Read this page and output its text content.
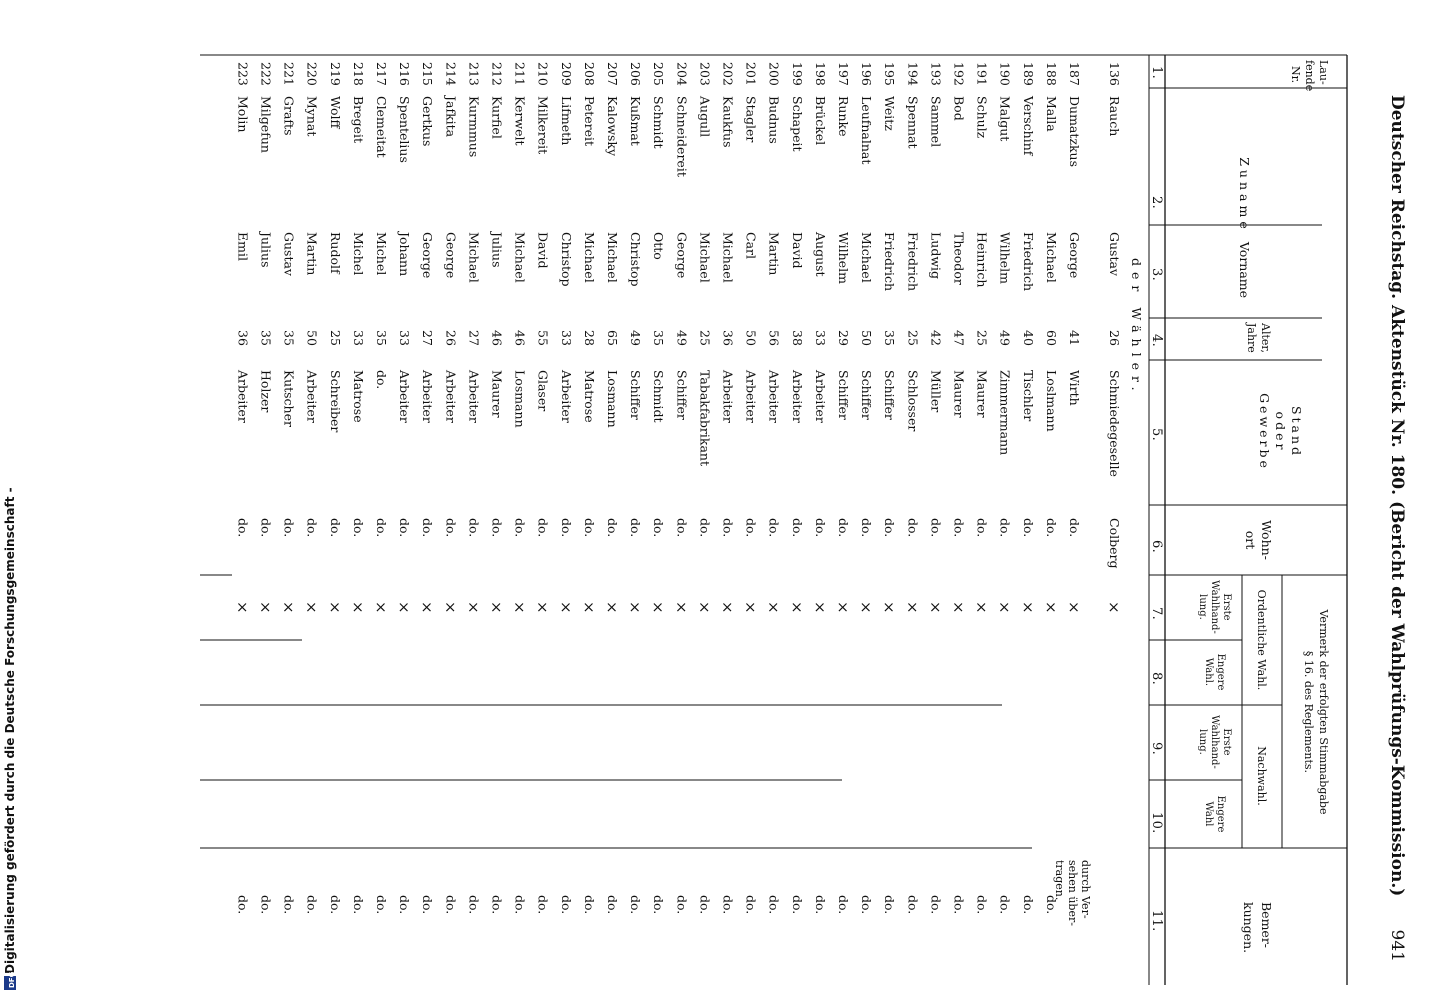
Deutscher Reichstag. Aktenstück Nr. 180. (Bericht der Wahlprüfungs-Kommission.)
941
Lau-fendeNr.
Zuname
Vorname
Alter,Jahre
StandoderGewerbe
Wohn-ort
Vermerk der erfolgten Stimmabgabe§ 16. des Reglements.
Ordentliche Wahl.
Nachwahl.
ErsteWahlhand-lung.
EngereWahl.
ErsteWahlhand-lung.
EngereWahl
Bemer-kungen.
1.
2.
3.
4.
5.
6.
7.
8.
9.
10.
11.
der Wähler.
136
Rauch
Gustav
26
Schmiedegeselle
Colberg
×
187
Dumatzkus
George
41
Wirth
do.
×
durch Ver-sehen über-tragen.
188
Malla
Michael
60
Loslmann
do.
×
do.
189
Verschinf
Friedrich
40
Tischler
do.
×
do.
190
Malgut
Wilhelm
49
Zimmermann
do.
×
do.
191
Schulz
Heinrich
25
Maurer
do.
×
do.
192
Bod
Theodor
47
Maurer
do.
×
do.
193
Sammel
Ludwig
42
Müller
do.
×
do.
194
Spennat
Friedrich
25
Schlosser
do.
×
do.
195
Weitz
Friedrich
35
Schiffer
do.
×
do.
196
Leufnalnat
Michael
50
Schiffer
do.
×
do.
197
Runke
Wilhelm
29
Schiffer
do.
×
do.
198
Brückel
August
33
Arbeiter
do.
×
do.
199
Schapeit
David
38
Arbeiter
do.
×
do.
200
Budnus
Martin
56
Arbeiter
do.
×
do.
201
Stagler
Carl
50
Arbeiter
do.
×
do.
202
Kaukfus
Michael
36
Arbeiter
do.
×
do.
203
Augull
Michael
25
Tabakfabrikant
do.
×
do.
204
Schneidereit
George
49
Schiffer
do.
×
do.
205
Schmidt
Otto
35
Schmidt
do.
×
do.
206
Kußmat
Christop
49
Schiffer
do.
×
do.
207
Kalowsky
Michael
65
Losmann
do.
×
do.
208
Petereit
Michael
28
Matrose
do.
×
do.
209
Lifmeth
Christop
33
Arbeiter
do.
×
do.
210
Milkereit
David
55
Glaser
do.
×
do.
211
Kerwelt
Michael
46
Losmann
do.
×
do.
212
Kurfiel
Julius
46
Maurer
do.
×
do.
213
Kurmmus
Michael
27
Arbeiter
do.
×
do.
214
Jafkita
George
26
Arbeiter
do.
×
do.
215
Gertkus
George
27
Arbeiter
do.
×
do.
216
Spentelius
Johann
33
Arbeiter
do.
×
do.
217
Clemeitat
Michel
35
do.
do.
×
do.
218
Bregeit
Michel
33
Matrose
do.
×
do.
219
Wolff
Rudolf
25
Schreiber
do.
×
do.
220
Mynat
Martin
50
Arbeiter
do.
×
do.
221
Grafts
Gustav
35
Kutscher
do.
×
do.
222
Milgefun
Julius
35
Holzer
do.
×
do.
223
Molin
Emil
36
Arbeiter
do.
×
do.
Digitalisierung gefördert durch die Deutsche Forschungsgemeinschaft -
DFG
